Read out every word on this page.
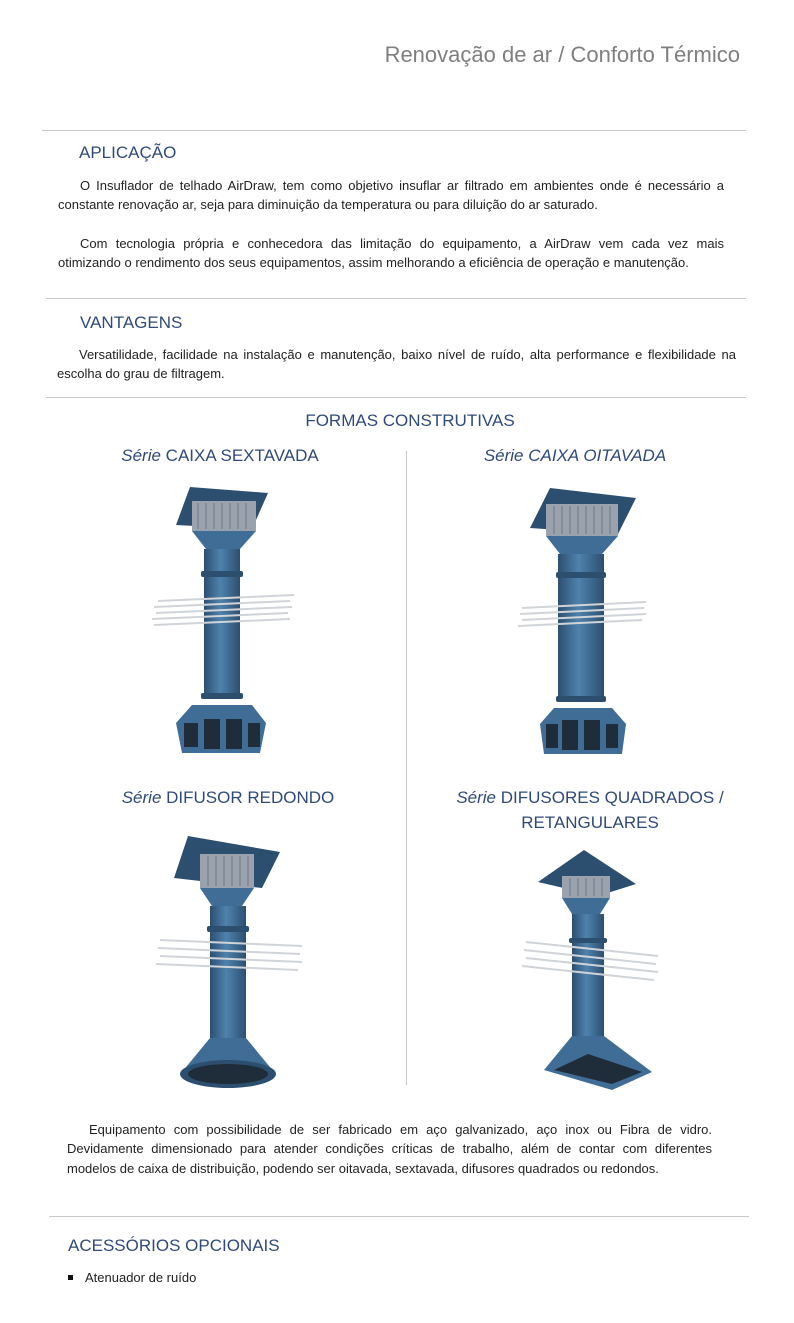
Renovação de ar / Conforto Térmico
APLICAÇÃO

O Insuflador de telhado AirDraw, tem como objetivo insuflar ar filtrado em ambientes onde é necessário a constante renovação ar, seja para diminuição da temperatura ou para diluição do ar saturado.

Com tecnologia própria e conhecedora das limitação do equipamento, a AirDraw vem cada vez mais otimizando o rendimento dos seus equipamentos, assim melhorando a eficiência de operação e manutenção.

VANTAGENS

Versatilidade, facilidade na instalação e manutenção, baixo nível de ruído, alta performance e flexibilidade na escolha do grau de filtragem.

FORMAS CONSTRUTIVAS
Série CAIXA SEXTAVADA	Série CAIXA OITAVADA
Série DIFUSOR REDONDO	Série DIFUSORES QUADRADOS / RETANGULARES

Equipamento com possibilidade de ser fabricado em aço galvanizado, aço inox ou Fibra de vidro. Devidamente dimensionado para atender condições críticas de trabalho, além de contar com diferentes modelos de caixa de distribuição, podendo ser oitavada, sextavada, difusores quadrados ou redondos.

ACESSÓRIOS OPCIONAIS
Atenuador de ruído
